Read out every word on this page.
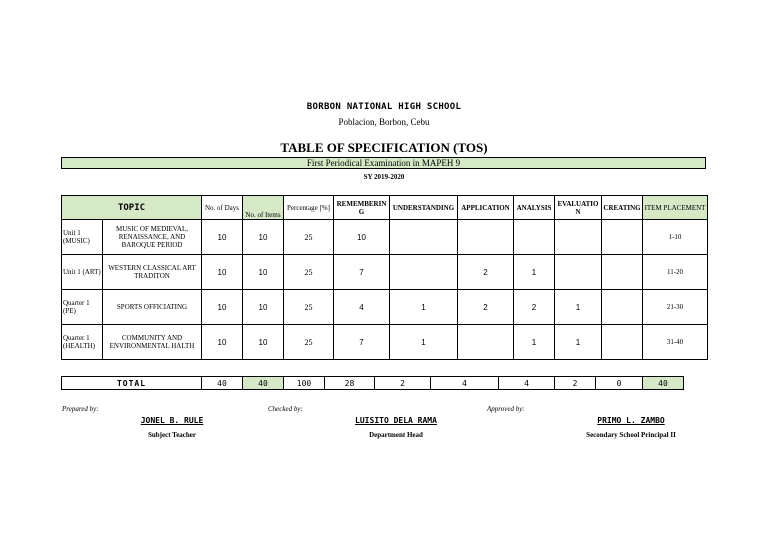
BORBON NATIONAL HIGH SCHOOL
Poblacion, Borbon, Cebu
TABLE OF SPECIFICATION (TOS)
First Periodical Examination in MAPEH 9
SY 2019-2020
TOPIC		No. of Days	No. of Items	Percentage [%]	REMEMBERIN G	UNDERSTANDING	APPLICATION	ANALYSIS	EVALUATIO N	CREATING	ITEM PLACEMENT
Unit 1 (MUSIC)	MUSIC OF MEDIEVAL, RENAISSANCE, AND BAROQUE PERIOD	10	10	25	10						1-10
Unit 1 (ART)	WESTERN CLASSICAL ART TRADITON	10	10	25	7		2	1			11-20
Quarter 1 (PE)	SPORTS OFFICIATING	10	10	25	4	1	2	2	1		21-30
Quarter 1 (HEALTH)	COMMUNITY AND ENVIRONMENTAL HALTH	10	10	25	7	1		1	1		31-40
TOTAL	40	40	100	28	2	4	4	2	0	40
Prepared by:
JONEL B. RULE
Subject Teacher
Checked by:
LUISITO DELA RAMA
Department Head
Approved by:
PRIMO L. ZAMBO
Secondary School Principal II
